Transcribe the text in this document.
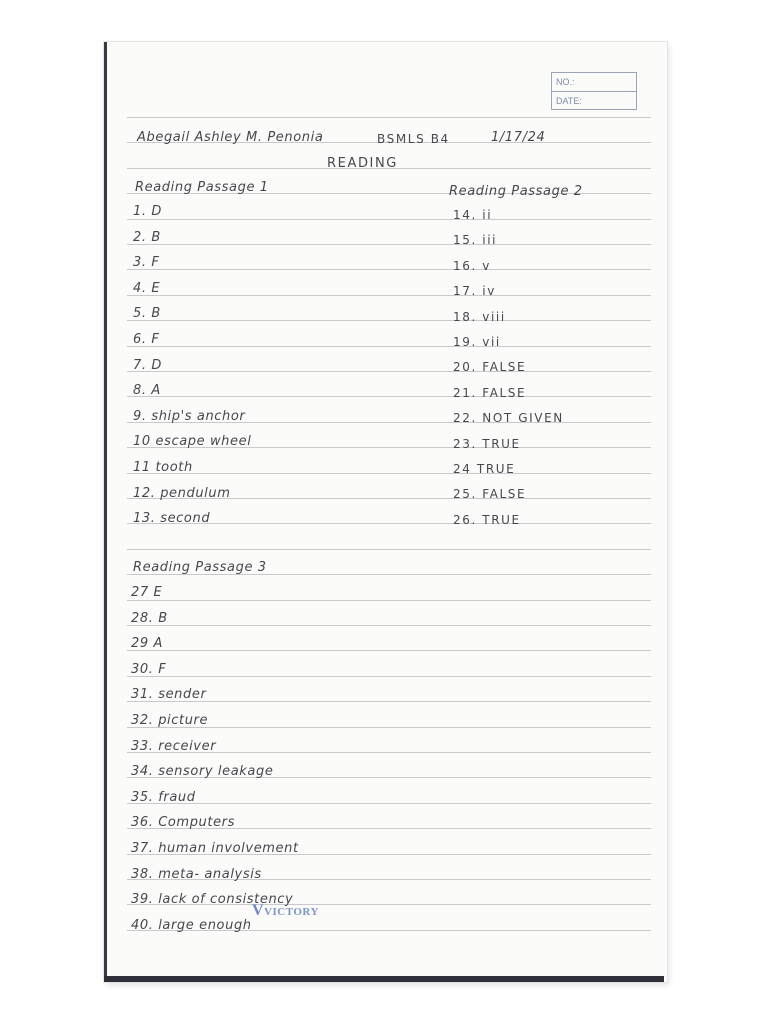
NO.:
DATE:
Abegail Ashley M. Penonia	BSMLS B4	1/17/24
READING
Reading Passage 1	Reading Passage 2
1. D
2. B
3. F
4. E
5. B
6. F
7. D
8. A
9. ship's anchor
10 escape wheel
11 tooth
12. pendulum
13. second
14. ii
15. iii
16. v
17. iv
18. viii
19. vii
20. FALSE
21. FALSE
22. NOT GIVEN
23. TRUE
24 TRUE
25. FALSE
26. TRUE
Reading Passage 3
27 E
28. B
29 A
30. F
31. sender
32. picture
33. receiver
34. sensory leakage
35. fraud
36. Computers
37. human involvement
38. meta- analysis
39. lack of consistency
40. large enough
VVICTORY
